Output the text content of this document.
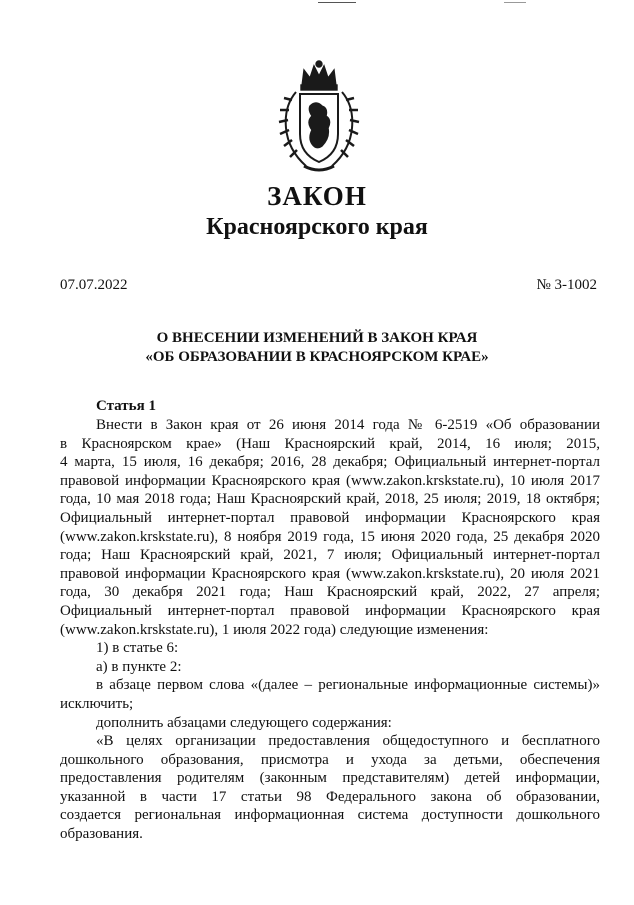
ЗАКОН
Красноярского края
07.07.2022	№ 3-1002
О ВНЕСЕНИИ ИЗМЕНЕНИЙ В ЗАКОН КРАЯ
«ОБ ОБРАЗОВАНИИ В КРАСНОЯРСКОМ КРАЕ»
Статья 1

Внести в Закон края от 26 июня 2014 года № 6-2519 «Об образовании

в Красноярском крае» (Наш Красноярский край, 2014, 16 июля; 2015,

4 марта, 15 июля, 16 декабря; 2016, 28 декабря; Официальный интернет-портал

правовой информации Красноярского края (www.zakon.krskstate.ru), 10 июля 2017

года, 10 мая 2018 года; Наш Красноярский край, 2018, 25 июля; 2019, 18 октября;

Официальный интернет-портал правовой информации Красноярского края

(www.zakon.krskstate.ru), 8 ноября 2019 года, 15 июня 2020 года, 25 декабря 2020

года; Наш Красноярский край, 2021, 7 июля; Официальный интернет-портал

правовой информации Красноярского края (www.zakon.krskstate.ru), 20 июля 2021

года, 30 декабря 2021 года; Наш Красноярский край, 2022, 27 апреля;

Официальный интернет-портал правовой информации Красноярского края

(www.zakon.krskstate.ru), 1 июля 2022 года) следующие изменения:

1) в статье 6:

а) в пункте 2:

в абзаце первом слова «(далее – региональные информационные системы)»

исключить;

дополнить абзацами следующего содержания:

«В целях организации предоставления общедоступного и бесплатного

дошкольного образования, присмотра и ухода за детьми, обеспечения

предоставления родителям (законным представителям) детей информации,

указанной в части 17 статьи 98 Федерального закона об образовании,

создается региональная информационная система доступности дошкольного

образования.
